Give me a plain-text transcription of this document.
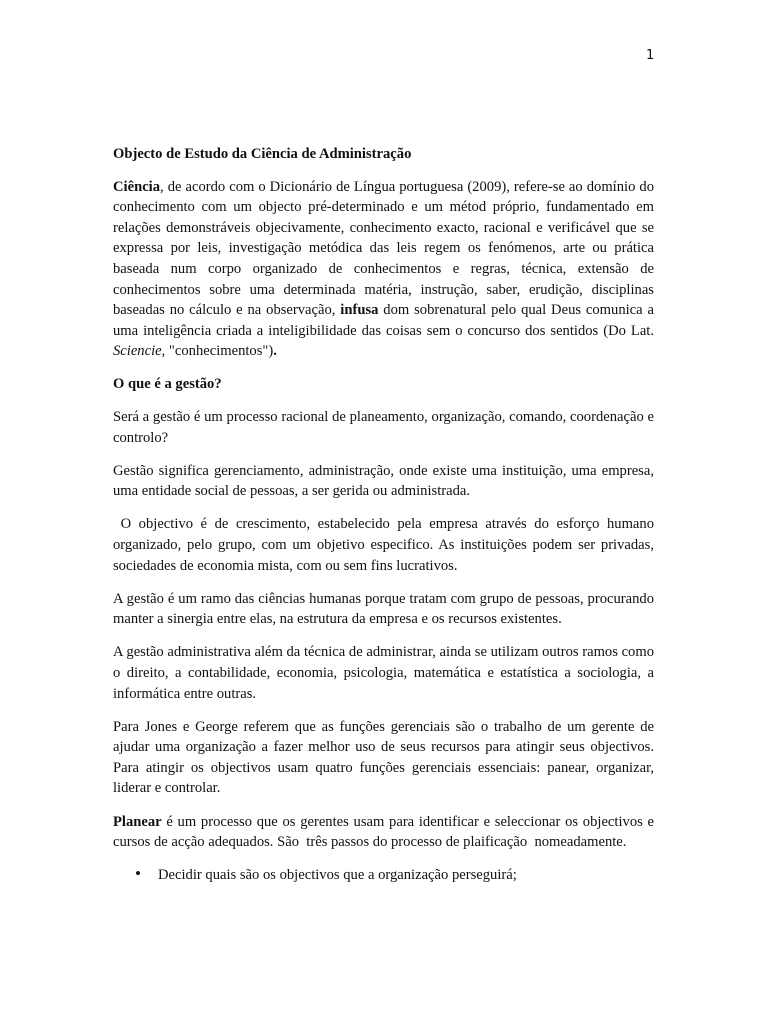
1

Objecto de Estudo da Ciência de Administração

Ciência, de acordo com o Dicionário de Língua portuguesa (2009), refere-se ao domínio do conhecimento com um objecto pré-determinado e um métod próprio, fundamentado em relações demonstráveis objecivamente, conhecimento exacto, racional e verificável que se expressa por leis, investigação metódica das leis regem os fenómenos, arte ou prática baseada num corpo organizado de conhecimentos e regras, técnica, extensão de conhecimentos sobre uma determinada matéria, instrução, saber, erudição, disciplinas baseadas no cálculo e na observação, infusa dom sobrenatural pelo qual Deus comunica a uma inteligência criada a inteligibilidade das coisas sem o concurso dos sentidos (Do Lat. Sciencie, "conhecimentos").

O que é a gestão?

Será a gestão é um processo racional de planeamento, organização, comando, coordenação e controlo?

Gestão significa gerenciamento, administração, onde existe uma instituição, uma empresa, uma entidade social de pessoas, a ser gerida ou administrada.

O objectivo é de crescimento, estabelecido pela empresa através do esforço humano organizado, pelo grupo, com um objetivo especifico. As instituições podem ser privadas, sociedades de economia mista, com ou sem fins lucrativos.

A gestão é um ramo das ciências humanas porque tratam com grupo de pessoas, procurando manter a sinergia entre elas, na estrutura da empresa e os recursos existentes.

A gestão administrativa além da técnica de administrar, ainda se utilizam outros ramos como o direito, a contabilidade, economia, psicologia, matemática e estatística a sociologia, a informática entre outras.

Para Jones e George referem que as funções gerenciais são o trabalho de um gerente de ajudar uma organização a fazer melhor uso de seus recursos para atingir seus objectivos. Para atingir os objectivos usam quatro funções gerenciais essenciais: panear, organizar, liderar e controlar.

Planear é um processo que os gerentes usam para identificar e seleccionar os objectivos e cursos de acção adequados. São  três passos do processo de plaificação  nomeadamente.

• Decidir quais são os objectivos que a organização perseguirá;
